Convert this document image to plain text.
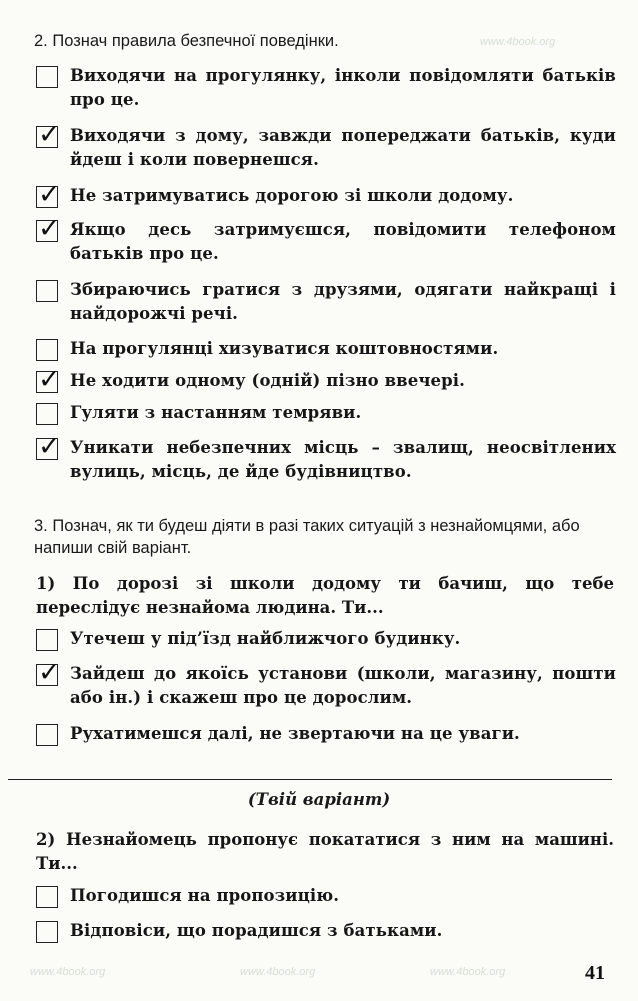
www.4book.org
www.4book.org	www.4book.org	www.4book.org
2. Познач правила безпечної поведінки.
Виходячи на прогулянку, інколи повідомляти батьків про це.
✓ Виходячи з дому, завжди попереджати батьків, куди йдеш і коли повернешся.
✓ Не затримуватись дорогою зі школи додому.
✓ Якщо десь затримуєшся, повідомити телефоном батьків про це.
Збираючись гратися з друзями, одягати найкращі і найдорожчі речі.
На прогулянці хизуватися коштовностями.
✓ Не ходити одному (одній) пізно ввечері.
Гуляти з настанням темряви.
✓ Уникати небезпечних місць – звалищ, неосвітлених вулиць, місць, де йде будівництво.
3. Познач, як ти будеш діяти в разі таких ситуацій з незнайомцями, або напиши свій варіант.
1) По дорозі зі школи додому ти бачиш, що тебе переслідує незнайома людина. Ти...
Утечеш у під’їзд найближчого будинку.
✓ Зайдеш до якоїсь установи (школи, магазину, пошти або ін.) і скажеш про це дорослим.
Рухатимешся далі, не звертаючи на це уваги.
(Твій варіант)
2) Незнайомець пропонує покататися з ним на машині. Ти...
Погодишся на пропозицію.
Відповіси, що порадишся з батьками.
41
